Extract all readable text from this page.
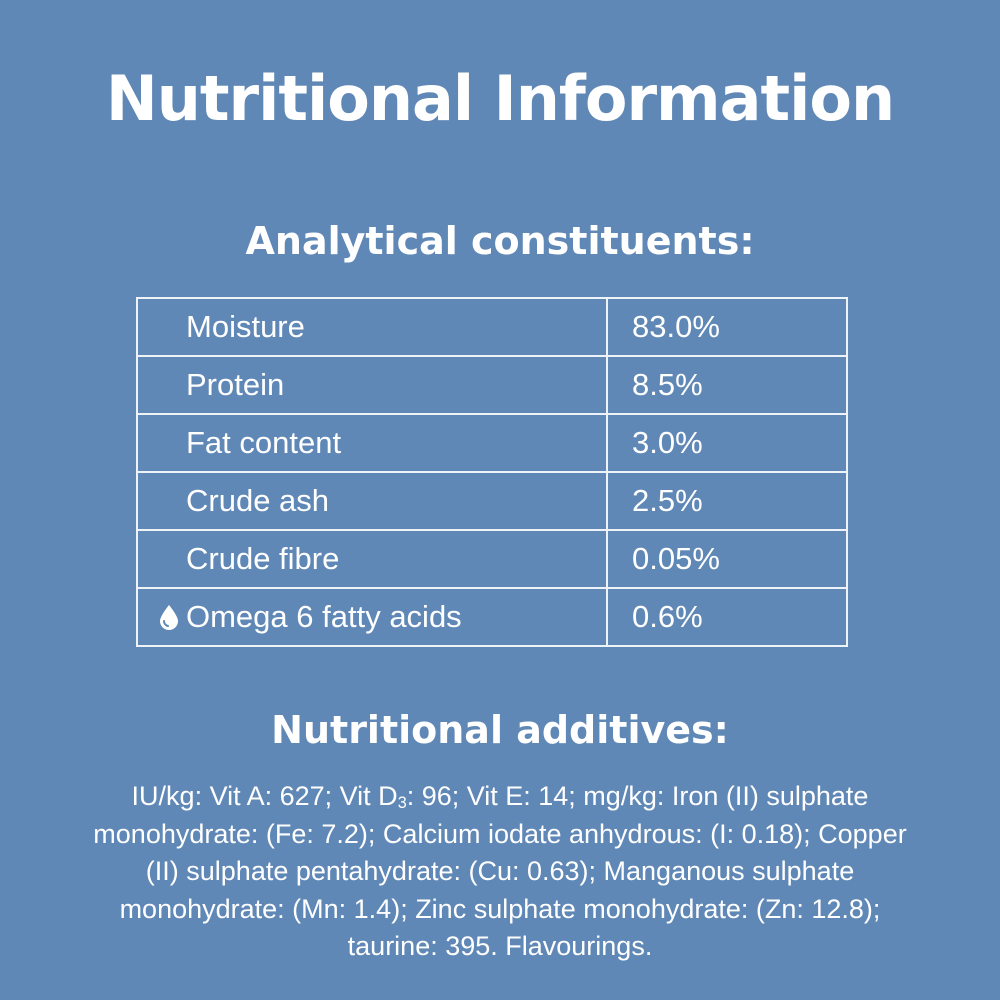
Nutritional Information
Analytical constituents:
Moisture	83.0%
Protein	8.5%
Fat content	3.0%
Crude ash	2.5%
Crude fibre	0.05%

Omega 6 fatty acids	0.6%
Nutritional additives:
IU/kg: Vit A: 627; Vit $D_3$: 96; Vit E: 14; mg/kg: Iron (II) sulphate monohydrate: (Fe: 7.2); Calcium iodate anhydrous: (I: 0.18); Copper (II) sulphate pentahydrate: (Cu: 0.63); Manganous sulphate monohydrate: (Mn: 1.4); Zinc sulphate monohydrate: (Zn: 12.8); taurine: 395. Flavourings.
